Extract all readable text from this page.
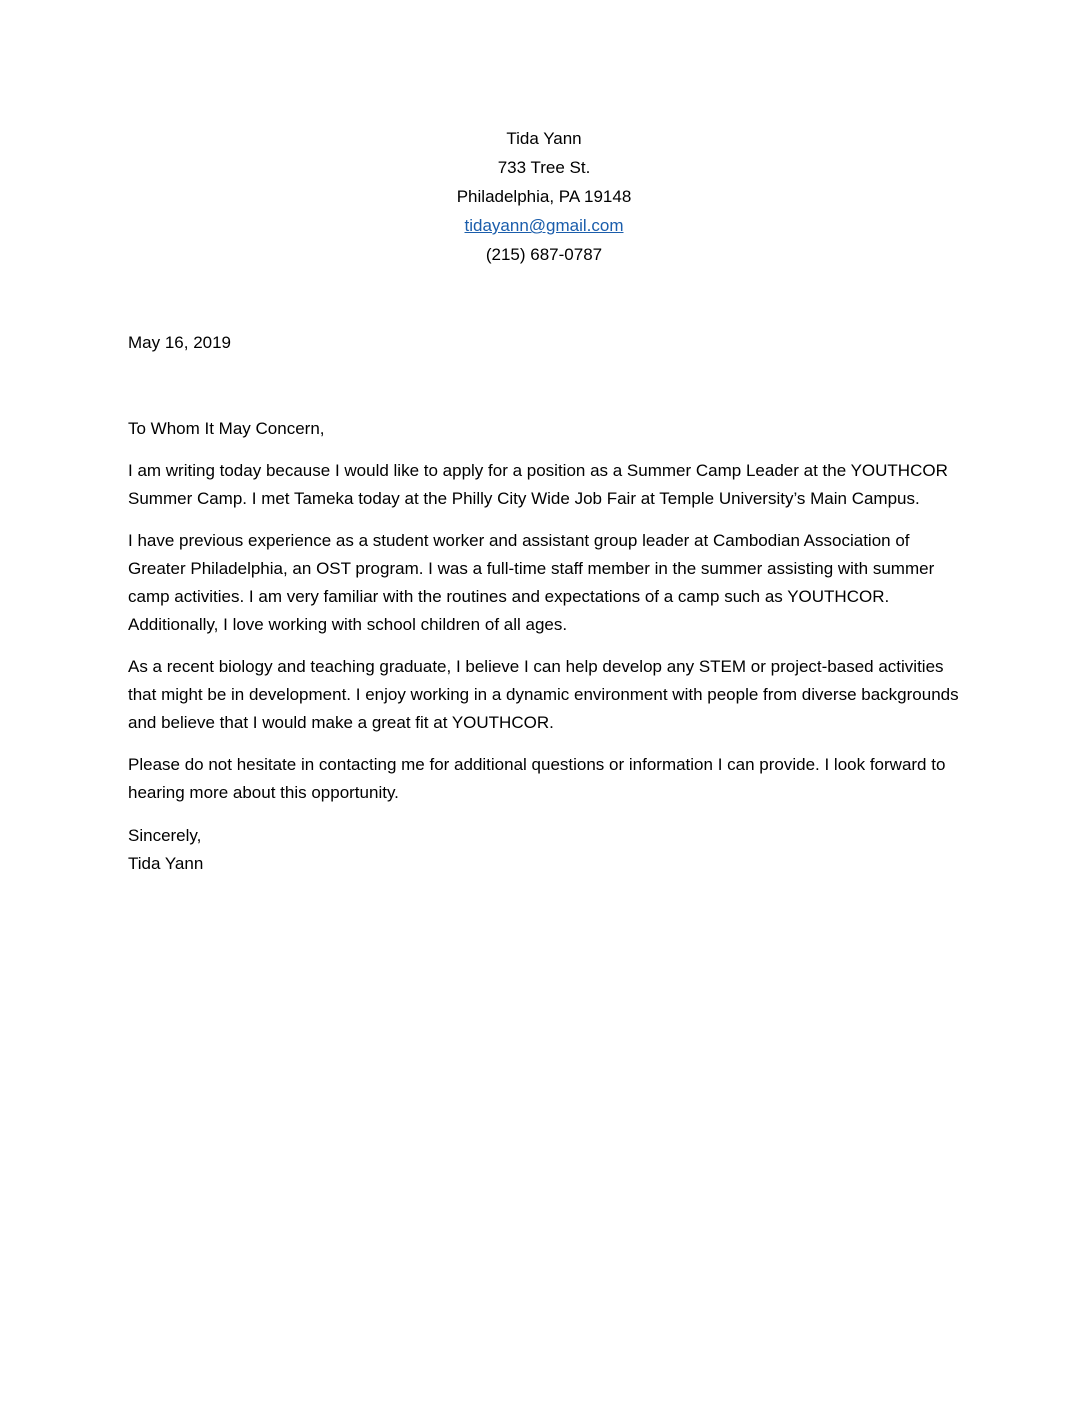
Tida Yann
733 Tree St.
Philadelphia, PA 19148
tidayann@gmail.com
(215) 687-0787
May 16, 2019
To Whom It May Concern,

I am writing today because I would like to apply for a position as a Summer Camp Leader at the YOUTHCOR Summer Camp. I met Tameka today at the Philly City Wide Job Fair at Temple University’s Main Campus.

I have previous experience as a student worker and assistant group leader at Cambodian Association of Greater Philadelphia, an OST program. I was a full-time staff member in the summer assisting with summer camp activities. I am very familiar with the routines and expectations of a camp such as YOUTHCOR. Additionally, I love working with school children of all ages.

As a recent biology and teaching graduate, I believe I can help develop any STEM or project-based activities that might be in development. I enjoy working in a dynamic environment with people from diverse backgrounds and believe that I would make a great fit at YOUTHCOR.

Please do not hesitate in contacting me for additional questions or information I can provide. I look forward to hearing more about this opportunity.

Sincerely,
Tida Yann
